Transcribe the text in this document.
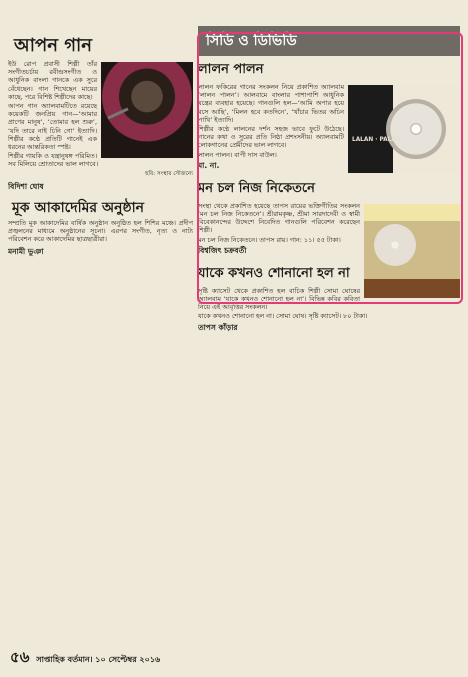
আপন গান

ইউ রোপ প্রবাসী শিল্পী তাঁর সংগীতচর্চায় রবীন্দ্রসংগীত ও আধুনিক বাংলা গানকে এক সুরে বেঁধেছেন। গান শিখেছেন মায়ের কাছে, পরে বিশিষ্ট শিল্পীদের কাছে।

আপন গান অ্যালবামটিতে রয়েছে কয়েকটি জনপ্রিয় গান—‘আমার প্রাণের মানুষ’, ‘তোমার হল শুরু’, ‘যদি তারে নাই চিনি গো’ ইত্যাদি। শিল্পীর কণ্ঠে প্রতিটি গানেই এক ধরনের আন্তরিকতা স্পষ্ট।

শিল্পীর গায়কি ও যন্ত্রানুষঙ্গ পরিমিত। সব মিলিয়ে শ্রোতাদের ভাল লাগবে।

ছবি: সংস্থার সৌজন্যে
বিদিশা ঘোষ
মূক আকাদেমির অনুষ্ঠান

সম্প্রতি মূক আকাদেমির বার্ষিক অনুষ্ঠান অনুষ্ঠিত হল শিশির মঞ্চে। প্রদীপ প্রজ্বলনের মাধ্যমে অনুষ্ঠানের সূচনা। এরপর সংগীত, নৃত্য ও নাট্য পরিবেশন করে আকাদেমির ছাত্রছাত্রীরা।

মনামী ভুঞা
সিডি ও ডিভিডি
লালন পালন
LALAN · PALAN

লালন ফকিরের গানের সংকলন নিয়ে প্রকাশিত অ্যালবাম ‘লালন পালন’। আলবামে বাংলার পাশাপাশি আধুনিক যন্ত্রের ব্যবহার হয়েছে। গানগুলি হল—‘আমি অপার হয়ে বসে আছি’, ‘মিলন হবে কতদিনে’, ‘খাঁচার ভিতর অচিন পাখি’ ইত্যাদি।

শিল্পীর কণ্ঠে লালনের দর্শন সহজ ভাবে ফুটে উঠেছে। গানের কথা ও সুরের প্রতি নিষ্ঠা প্রশংসনীয়। অ্যালবামটি লোকগানের প্রেমীদের ভাল লাগবে।

লালন পালন। বাপী দাস বাউল।

মা. না.
মন চল নিজ নিকেতনে

সংস্থা থেকে প্রকাশিত হয়েছে তাপস রায়ের ভক্তিগীতির সংকলন ‘মন চল নিজ নিকেতনে’। শ্রীরামকৃষ্ণ, শ্রীমা সারদাদেবী ও স্বামী বিবেকানন্দের উদ্দেশে নিবেদিত গানগুলি পরিবেশন করেছেন শিল্পী।

মন চল নিজ নিকেতনে। তাপস রায়। গান: ১১। ৫৫ টাকা।

বিশ্বজিৎ চক্রবর্তী
যাকে কখনও শোনানো হল না

সৃষ্টি ক্যাসেট থেকে প্রকাশিত হল বাচিক শিল্পী সোমা ঘোষের অ্যালবাম ‘যাকে কখনও শোনানো হল না’। বিভিন্ন কবির কবিতা নিয়ে এই আবৃত্তির সংকলন।

যাকে কখনও শোনানো হল না। সোমা ঘোষ। সৃষ্টি ক্যাসেট। ৮০ টাকা।

তাপস কাঁড়ার
৫৬ সাপ্তাহিক বর্তমান। ১০ সেপ্টেম্বর ২০১৬
